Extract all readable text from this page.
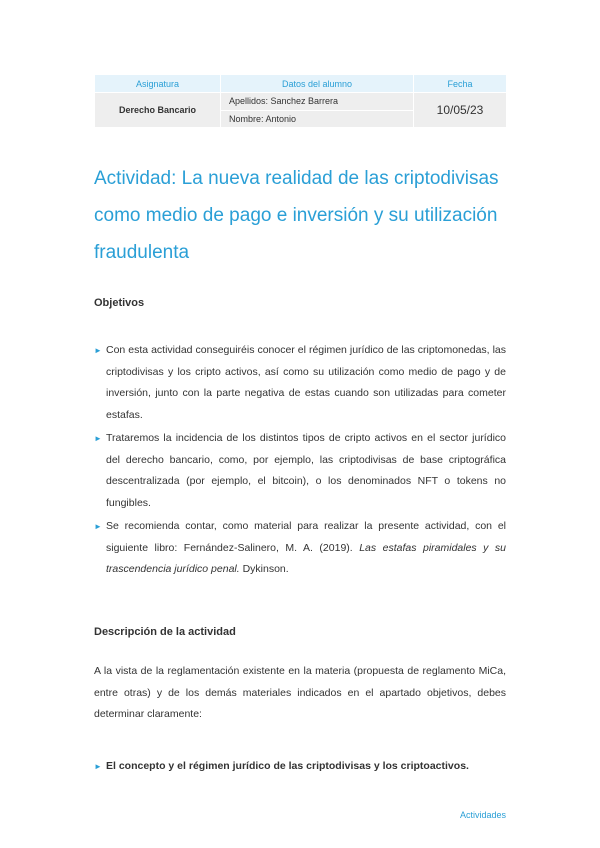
Asignatura	Datos del alumno	Fecha
Derecho Bancario	Apellidos: Sanchez Barrera	10/05/23
	Nombre: Antonio	
Actividad: La nueva realidad de las criptodivisas como medio de pago e inversión y su utilización fraudulenta
Objetivos
► Con esta actividad conseguiréis conocer el régimen jurídico de las criptomonedas, las criptodivisas y los cripto activos, así como su utilización como medio de pago y de inversión, junto con la parte negativa de estas cuando son utilizadas para cometer estafas.
► Trataremos la incidencia de los distintos tipos de cripto activos en el sector jurídico del derecho bancario, como, por ejemplo, las criptodivisas de base criptográfica descentralizada (por ejemplo, el bitcoin), o los denominados NFT o tokens no fungibles.
► Se recomienda contar, como material para realizar la presente actividad, con el siguiente libro: Fernández-Salinero, M. A. (2019). Las estafas piramidales y su trascendencia jurídico penal. Dykinson.
Descripción de la actividad

A la vista de la reglamentación existente en la materia (propuesta de reglamento MiCa, entre otras) y de los demás materiales indicados en el apartado objetivos, debes determinar claramente:

► El concepto y el régimen jurídico de las criptodivisas y los criptoactivos.

Actividades
